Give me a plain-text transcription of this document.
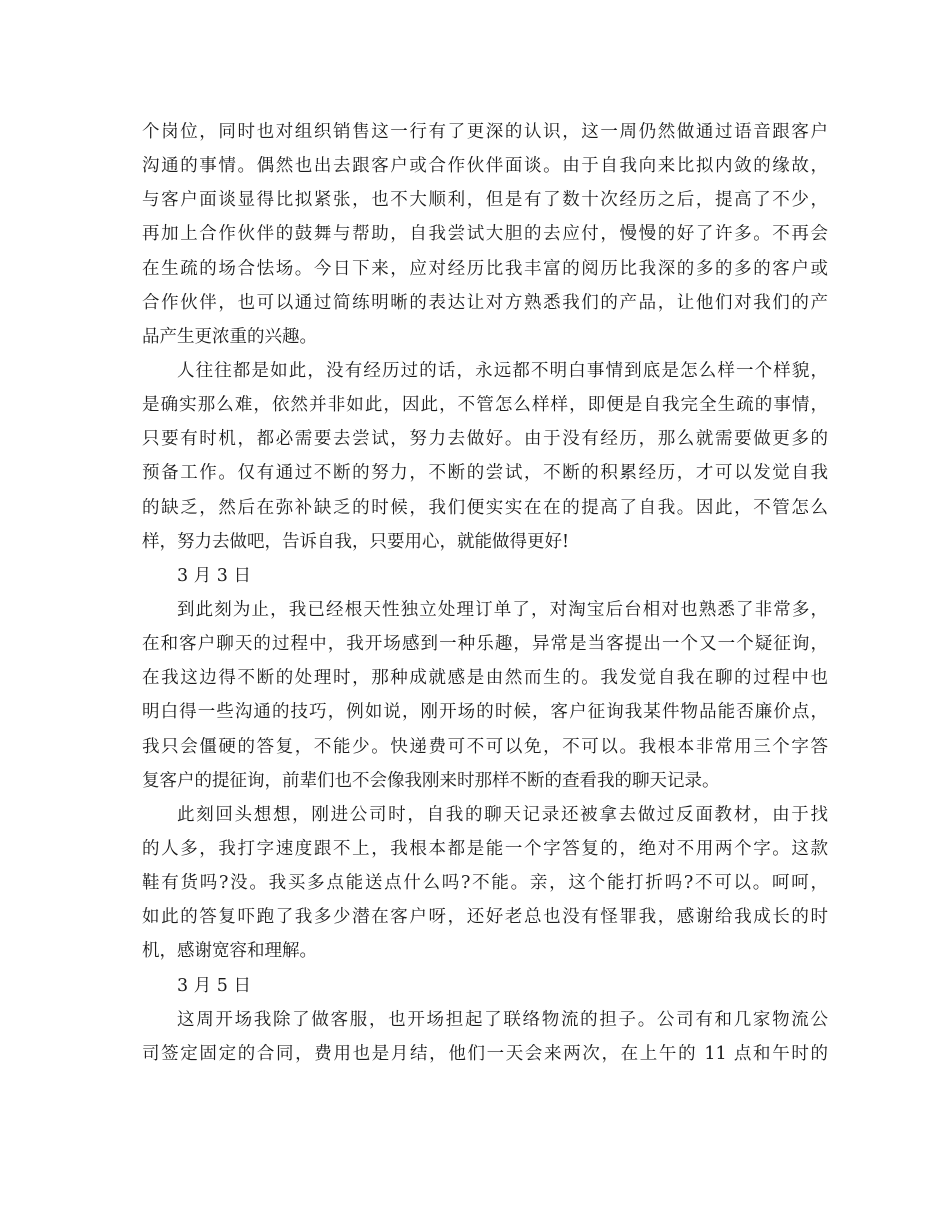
个岗位，同时也对组织销售这一行有了更深的认识，这一周仍然做通过语音跟客户
沟通的事情。偶然也出去跟客户或合作伙伴面谈。由于自我向来比拟内敛的缘故，
与客户面谈显得比拟紧张，也不大顺利，但是有了数十次经历之后，提高了不少，
再加上合作伙伴的鼓舞与帮助，自我尝试大胆的去应付，慢慢的好了许多。不再会
在生疏的场合怯场。今日下来，应对经历比我丰富的阅历比我深的多的多的客户或
合作伙伴，也可以通过简练明晰的表达让对方熟悉我们的产品，让他们对我们的产
品产生更浓重的兴趣。
人往往都是如此，没有经历过的话，永远都不明白事情到底是怎么样一个样貌，
是确实那么难，依然并非如此，因此，不管怎么样样，即便是自我完全生疏的事情，
只要有时机，都必需要去尝试，努力去做好。由于没有经历，那么就需要做更多的
预备工作。仅有通过不断的努力，不断的尝试，不断的积累经历，才可以发觉自我
的缺乏，然后在弥补缺乏的时候，我们便实实在在的提高了自我。因此，不管怎么
样，努力去做吧，告诉自我，只要用心，就能做得更好!
3 月 3 日
到此刻为止，我已经根天性独立处理订单了，对淘宝后台相对也熟悉了非常多，
在和客户聊天的过程中，我开场感到一种乐趣，异常是当客提出一个又一个疑征询，
在我这边得不断的处理时，那种成就感是由然而生的。我发觉自我在聊的过程中也
明白得一些沟通的技巧，例如说，刚开场的时候，客户征询我某件物品能否廉价点，
我只会僵硬的答复，不能少。快递费可不可以免，不可以。我根本非常用三个字答
复客户的提征询，前辈们也不会像我刚来时那样不断的查看我的聊天记录。
此刻回头想想，刚进公司时，自我的聊天记录还被拿去做过反面教材，由于找
的人多，我打字速度跟不上，我根本都是能一个字答复的，绝对不用两个字。这款
鞋有货吗?没。我买多点能送点什么吗?不能。亲，这个能打折吗?不可以。呵呵，
如此的答复吓跑了我多少潜在客户呀，还好老总也没有怪罪我，感谢给我成长的时
机，感谢宽容和理解。
3 月 5 日
这周开场我除了做客服，也开场担起了联络物流的担子。公司有和几家物流公
司签定固定的合同，费用也是月结，他们一天会来两次，在上午的 11 点和午时的
